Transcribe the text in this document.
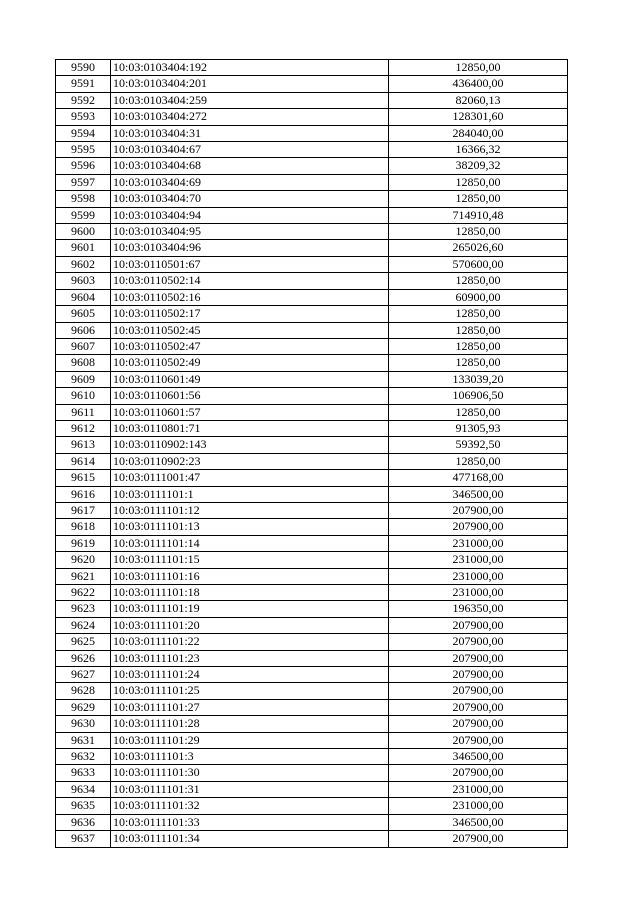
9590	10:03:0103404:192	12850,00
9591	10:03:0103404:201	436400,00
9592	10:03:0103404:259	82060,13
9593	10:03:0103404:272	128301,60
9594	10:03:0103404:31	284040,00
9595	10:03:0103404:67	16366,32
9596	10:03:0103404:68	38209,32
9597	10:03:0103404:69	12850,00
9598	10:03:0103404:70	12850,00
9599	10:03:0103404:94	714910,48
9600	10:03:0103404:95	12850,00
9601	10:03:0103404:96	265026,60
9602	10:03:0110501:67	570600,00
9603	10:03:0110502:14	12850,00
9604	10:03:0110502:16	60900,00
9605	10:03:0110502:17	12850,00
9606	10:03:0110502:45	12850,00
9607	10:03:0110502:47	12850,00
9608	10:03:0110502:49	12850,00
9609	10:03:0110601:49	133039,20
9610	10:03:0110601:56	106906,50
9611	10:03:0110601:57	12850,00
9612	10:03:0110801:71	91305,93
9613	10:03:0110902:143	59392,50
9614	10:03:0110902:23	12850,00
9615	10:03:0111001:47	477168,00
9616	10:03:0111101:1	346500,00
9617	10:03:0111101:12	207900,00
9618	10:03:0111101:13	207900,00
9619	10:03:0111101:14	231000,00
9620	10:03:0111101:15	231000,00
9621	10:03:0111101:16	231000,00
9622	10:03:0111101:18	231000,00
9623	10:03:0111101:19	196350,00
9624	10:03:0111101:20	207900,00
9625	10:03:0111101:22	207900,00
9626	10:03:0111101:23	207900,00
9627	10:03:0111101:24	207900,00
9628	10:03:0111101:25	207900,00
9629	10:03:0111101:27	207900,00
9630	10:03:0111101:28	207900,00
9631	10:03:0111101:29	207900,00
9632	10:03:0111101:3	346500,00
9633	10:03:0111101:30	207900,00
9634	10:03:0111101:31	231000,00
9635	10:03:0111101:32	231000,00
9636	10:03:0111101:33	346500,00
9637	10:03:0111101:34	207900,00
